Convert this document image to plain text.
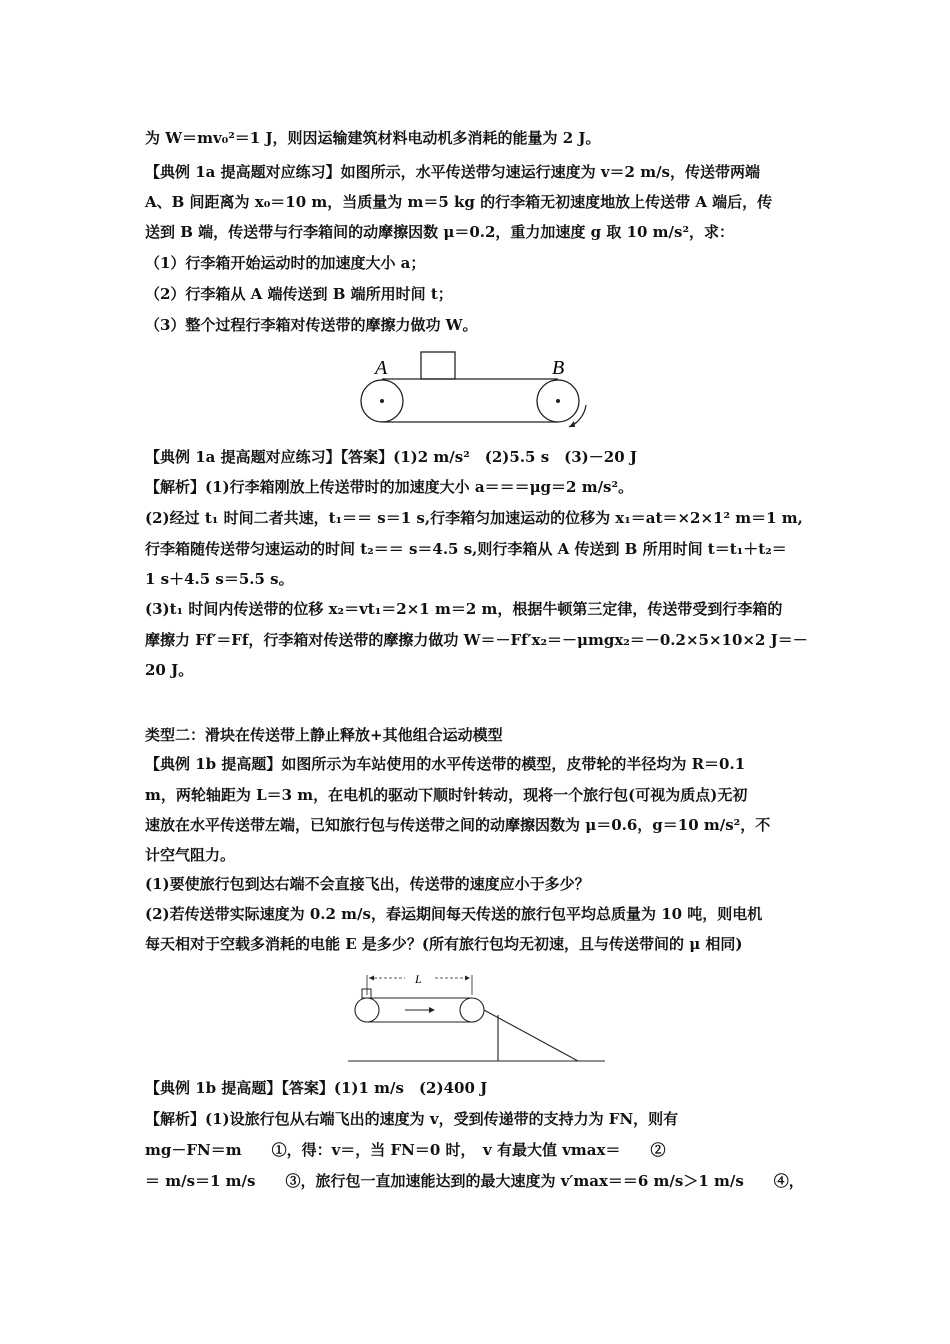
为 W＝mv₀²＝1 J，则因运输建筑材料电动机多消耗的能量为 2 J。
【典例 1a 提高题对应练习】如图所示，水平传送带匀速运行速度为 v＝2 m/s，传送带两端
A、B 间距离为 x₀＝10 m，当质量为 m＝5 kg 的行李箱无初速度地放上传送带 A 端后，传
送到 B 端，传送带与行李箱间的动摩擦因数 μ＝0.2，重力加速度 g 取 10 m/s²，求：
（1）行李箱开始运动时的加速度大小 a；
（2）行李箱从 A 端传送到 B 端所用时间 t；
（3）整个过程行李箱对传送带的摩擦力做功 W。
A	B
【典例 1a 提高题对应练习】【答案】(1)2 m/s²　(2)5.5 s　(3)－20 J
【解析】(1)行李箱刚放上传送带时的加速度大小 a＝＝＝μg＝2 m/s²。
(2)经过 t₁ 时间二者共速，t₁＝＝ s＝1 s,行李箱匀加速运动的位移为 x₁＝at＝×2×1² m＝1 m,
行李箱随传送带匀速运动的时间 t₂＝＝ s＝4.5 s,则行李箱从 A 传送到 B 所用时间 t＝t₁＋t₂＝
1 s＋4.5 s＝5.5 s。
(3)t₁ 时间内传送带的位移 x₂＝vt₁＝2×1 m＝2 m，根据牛顿第三定律，传送带受到行李箱的
摩擦力 Ff′＝Ff，行李箱对传送带的摩擦力做功 W＝－Ff′x₂＝－μmgx₂＝－0.2×5×10×2 J＝－
20 J。
类型二：滑块在传送带上静止释放+其他组合运动模型
【典例 1b 提高题】如图所示为车站使用的水平传送带的模型，皮带轮的半径均为 R＝0.1
m，两轮轴距为 L＝3 m，在电机的驱动下顺时针转动，现将一个旅行包(可视为质点)无初
速放在水平传送带左端，已知旅行包与传送带之间的动摩擦因数为 μ＝0.6，g＝10 m/s²，不
计空气阻力。
(1)要使旅行包到达右端不会直接飞出，传送带的速度应小于多少？
(2)若传送带实际速度为 0.2 m/s，春运期间每天传送的旅行包平均总质量为 10 吨，则电机
每天相对于空载多消耗的电能 E 是多少？(所有旅行包均无初速，且与传送带间的 μ 相同)
L
【典例 1b 提高题】【答案】(1)1 m/s　(2)400 J
【解析】(1)设旅行包从右端飞出的速度为 v，受到传递带的支持力为 FN，则有
mg－FN＝m　　①，得：v＝，当 FN＝0 时，　v 有最大值 vmax＝　　②
＝ m/s＝1 m/s　　③，旅行包一直加速能达到的最大速度为 v′max＝＝6 m/s＞1 m/s　　④，
